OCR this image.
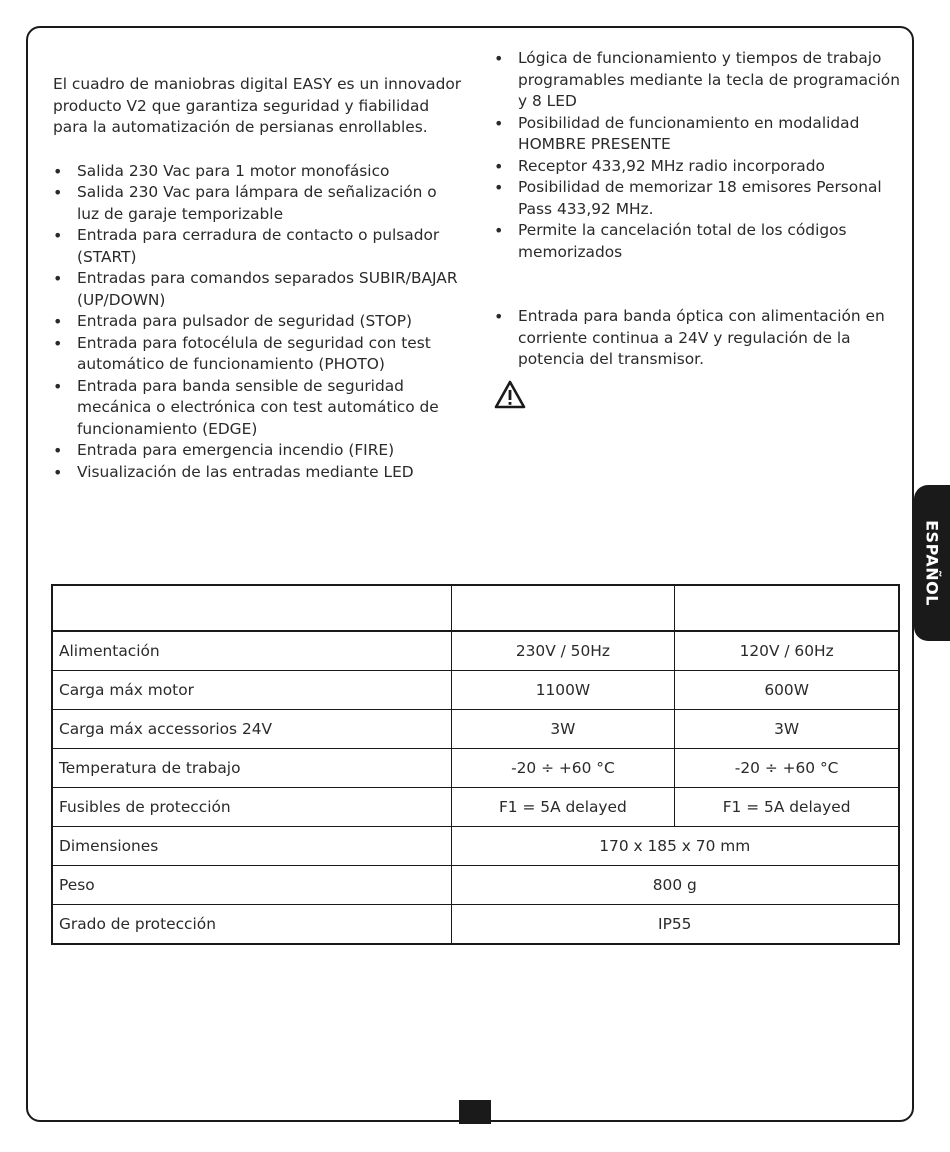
ESPAÑOL

El cuadro de maniobras digital EASY es un innovador producto V2 que garantiza seguridad y fiabilidad para la automatización de persianas enrollables.

• Salida 230 Vac para 1 motor monofásico
• Salida 230 Vac para lámpara de señalización o luz de garaje temporizable
• Entrada para cerradura de contacto o pulsador (START)
• Entradas para comandos separados SUBIR/BAJAR (UP/DOWN)
• Entrada para pulsador de seguridad (STOP)
• Entrada para fotocélula de seguridad con test automático de funcionamiento (PHOTO)
• Entrada para banda sensible de seguridad mecánica o electrónica con test automático de funcionamiento (EDGE)
• Entrada para emergencia incendio (FIRE)
• Visualización de las entradas mediante LED
• Lógica de funcionamiento y tiempos de trabajo programables mediante la tecla de programación y 8 LED
• Posibilidad de funcionamiento en modalidad HOMBRE PRESENTE
• Receptor 433,92 MHz radio incorporado
• Posibilidad de memorizar 18 emisores Personal Pass 433,92 MHz.
• Permite la cancelación total de los códigos memorizados
• Entrada para banda óptica con alimentación en corriente continua a 24V y regulación de la potencia del transmisor.

Alimentación	230V / 50Hz	120V / 60Hz
Carga máx motor	1100W	600W
Carga máx accessorios 24V	3W	3W
Temperatura de trabajo	-20 ÷ +60 °C	-20 ÷ +60 °C
Fusibles de protección	F1 = 5A delayed	F1 = 5A delayed
Dimensiones	170 x 185 x 70 mm	
Peso	800 g	
Grado de protección	IP55	
